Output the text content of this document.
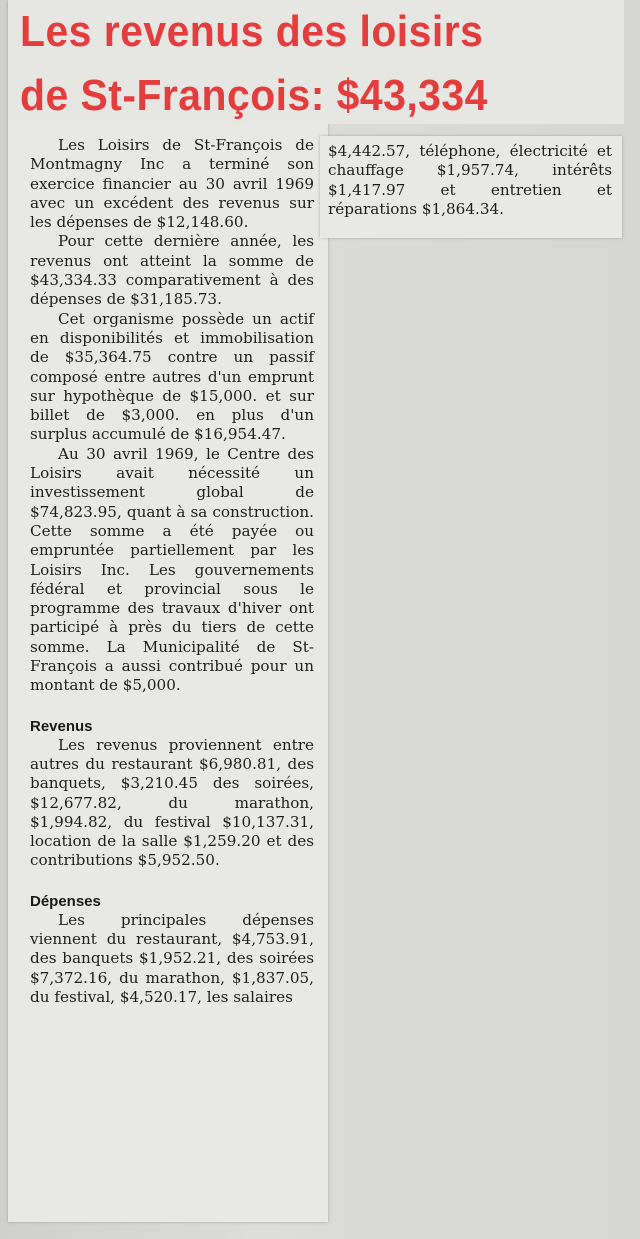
Les revenus des loisirs
de St-François: $43,334

Les Loisirs de St-François de Montmagny Inc a terminé son exercice financier au 30 avril 1969 avec un excédent des revenus sur les dépenses de $12,148.60.

Pour cette dernière année, les revenus ont atteint la somme de $43,334.33 comparativement à des dépenses de $31,185.73.

Cet organisme possède un actif en disponibilités et immobilisation de $35,364.75 contre un passif composé entre autres d'un emprunt sur hypothèque de $15,000. et sur billet de $3,000. en plus d'un surplus accumulé de $16,954.47.

Au 30 avril 1969, le Centre des Loisirs avait nécessité un investissement global de $74,823.95, quant à sa construction. Cette somme a été payée ou empruntée partiellement par les Loisirs Inc. Les gouvernements fédéral et provincial sous le programme des travaux d'hiver ont participé à près du tiers de cette somme. La Municipalité de St-François a aussi contribué pour un montant de $5,000.

Revenus

Les revenus proviennent entre autres du restaurant $6,980.81, des banquets, $3,210.45 des soirées, $12,677.82, du marathon, $1,994.82, du festival $10,137.31, location de la salle $1,259.20 et des contributions $5,952.50.

Dépenses

Les principales dépenses viennent du restaurant, $4,753.91, des banquets $1,952.21, des soirées $7,372.16, du marathon, $1,837.05, du festival, $4,520.17, les salaires

$4,442.57, téléphone, électricité et chauffage $1,957.74, intérêts $1,417.97 et entretien et réparations $1,864.34.
